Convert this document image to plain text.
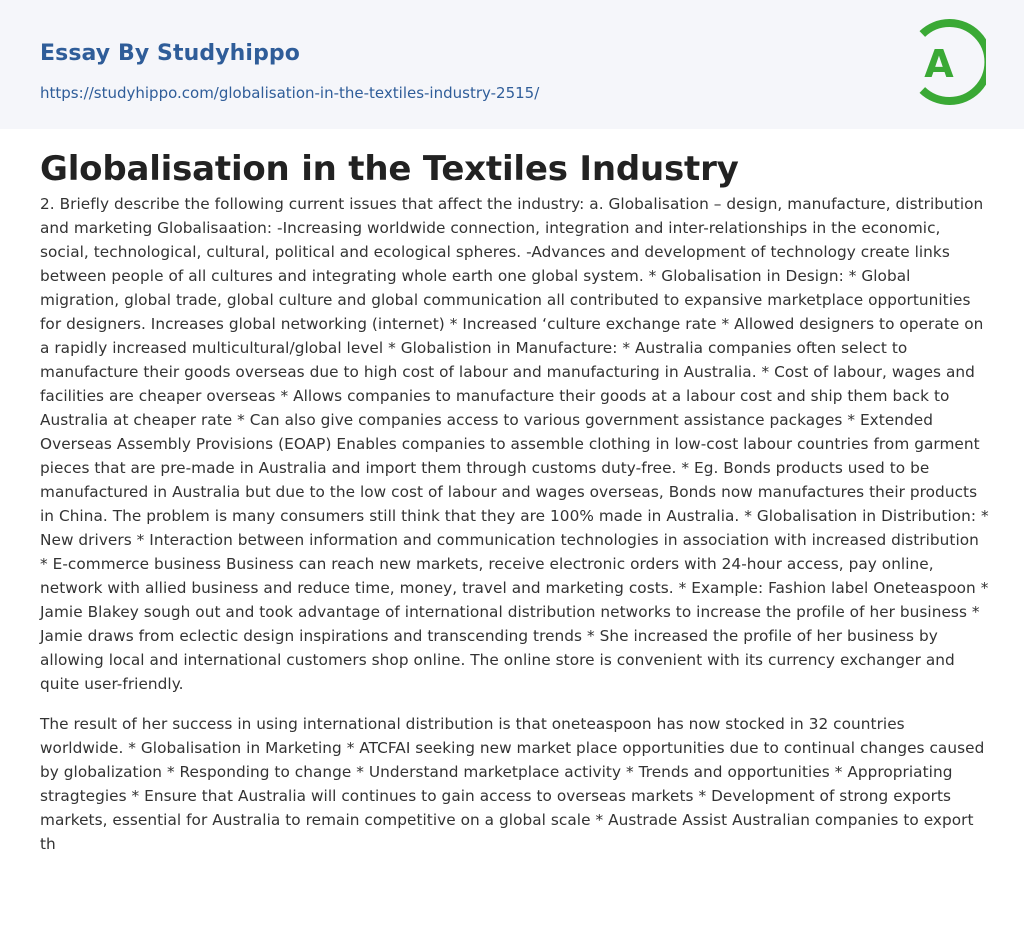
Essay By Studyhippo
https://studyhippo.com/globalisation-in-the-textiles-industry-2515/
A
Globalisation in the Textiles Industry

2. Briefly describe the following current issues that affect the industry: a. Globalisation – design, manufacture, distribution and marketing Globalisaation: -Increasing worldwide connection, integration and inter-relationships in the economic, social, technological, cultural, political and ecological spheres. -Advances and development of technology create links between people of all cultures and integrating whole earth one global system. * Globalisation in Design: * Global migration, global trade, global culture and global communication all contributed to expansive marketplace opportunities for designers. Increases global networking (internet) * Increased ‘culture exchange rate * Allowed designers to operate on a rapidly increased multicultural/global level * Globalistion in Manufacture: * Australia companies often select to manufacture their goods overseas due to high cost of labour and manufacturing in Australia. * Cost of labour, wages and facilities are cheaper overseas * Allows companies to manufacture their goods at a labour cost and ship them back to Australia at cheaper rate * Can also give companies access to various government assistance packages * Extended Overseas Assembly Provisions (EOAP) Enables companies to assemble clothing in low-cost labour countries from garment pieces that are pre-made in Australia and import them through customs duty-free. * Eg. Bonds products used to be manufactured in Australia but due to the low cost of labour and wages overseas, Bonds now manufactures their products in China. The problem is many consumers still think that they are 100% made in Australia. * Globalisation in Distribution: * New drivers * Interaction between information and communication technologies in association with increased distribution * E-commerce business Business can reach new markets, receive electronic orders with 24-hour access, pay online, network with allied business and reduce time, money, travel and marketing costs. * Example: Fashion label Oneteaspoon * Jamie Blakey sough out and took advantage of international distribution networks to increase the profile of her business * Jamie draws from eclectic design inspirations and transcending trends * She increased the profile of her business by allowing local and international customers shop online. The online store is convenient with its currency exchanger and quite user-friendly.

The result of her success in using international distribution is that oneteaspoon has now stocked in 32 countries worldwide. * Globalisation in Marketing * ATCFAI seeking new market place opportunities due to continual changes caused by globalization * Responding to change * Understand marketplace activity * Trends and opportunities * Appropriating stragtegies * Ensure that Australia will continues to gain access to overseas markets * Development of strong exports markets, essential for Australia to remain competitive on a global scale * Austrade Assist Australian companies to export th
